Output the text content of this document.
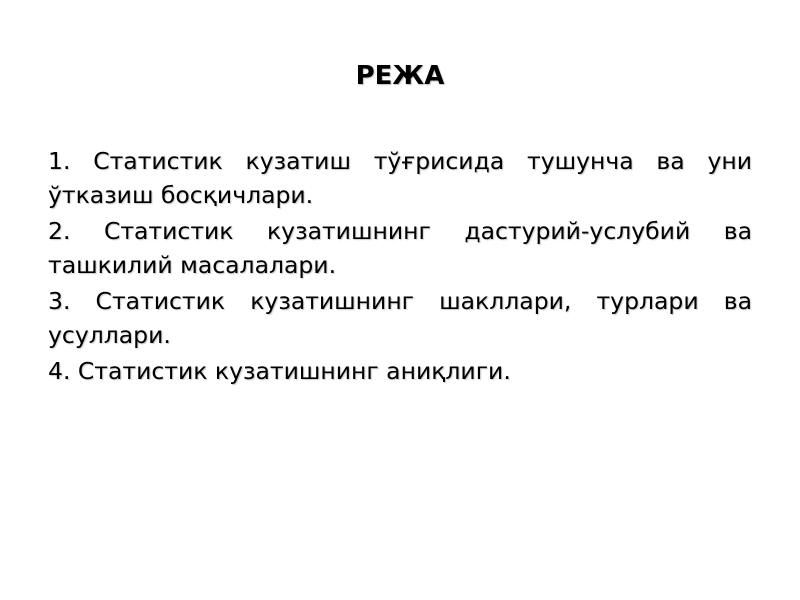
РЕЖА
1. Статистик кузатиш тўғрисида тушунча ва уни ўтказиш босқичлари.
2. Статистик кузатишнинг дастурий-услубий ва ташкилий масалалари.
3. Статистик кузатишнинг шакллари, турлари ва усуллари.
4. Статистик кузатишнинг аниқлиги.
